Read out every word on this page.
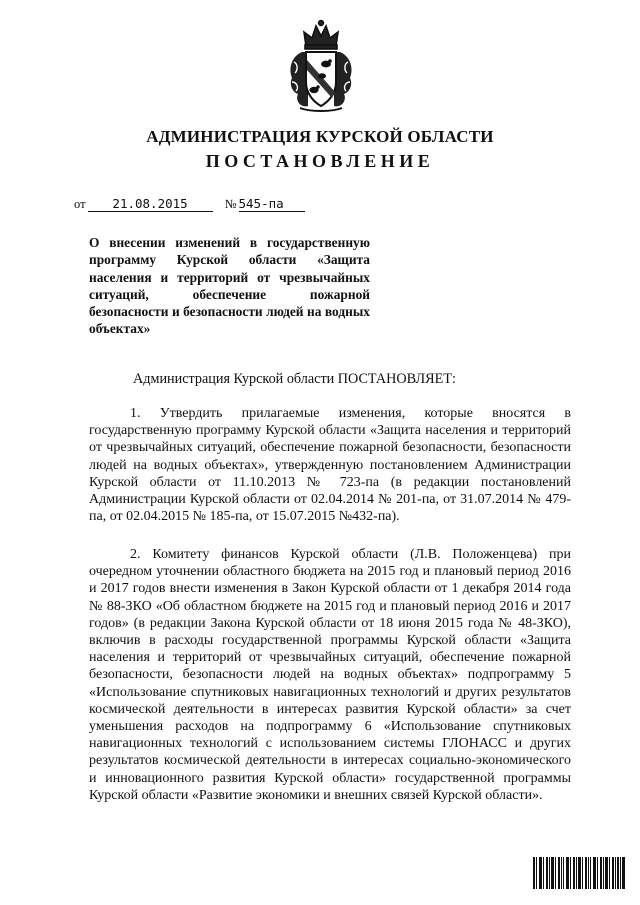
АДМИНИСТРАЦИЯ КУРСКОЙ ОБЛАСТИ
ПОСТАНОВЛЕНИЕ
от 21.08.2015	№ 545-па
О внесении изменений в государственную программу Курской области «Защита населения и территорий от чрезвычайных ситуаций, обеспечение пожарной безопасности и безопасности людей на водных объектах»
Администрация Курской области ПОСТАНОВЛЯЕТ:
1. Утвердить прилагаемые изменения, которые вносятся в государственную программу Курской области «Защита населения и территорий от чрезвычайных ситуаций, обеспечение пожарной безопасности, безопасности людей на водных объектах», утвержденную постановлением Администрации Курской области от 11.10.2013 № 723-па (в редакции постановлений Администрации Курской области от 02.04.2014 № 201-па, от 31.07.2014 № 479-па, от 02.04.2015 № 185-па, от 15.07.2015 №432-па).
2. Комитету финансов Курской области (Л.В. Положенцева) при очередном уточнении областного бюджета на 2015 год и плановый период 2016 и 2017 годов внести изменения в Закон Курской области от 1 декабря 2014 года № 88-ЗКО «Об областном бюджете на 2015 год и плановый период 2016 и 2017 годов» (в редакции Закона Курской области от 18 июня 2015 года № 48-ЗКО), включив в расходы государственной программы Курской области «Защита населения и территорий от чрезвычайных ситуаций, обеспечение пожарной безопасности, безопасности людей на водных объектах» подпрограмму 5 «Использование спутниковых навигационных технологий и других результатов космической деятельности в интересах развития Курской области» за счет уменьшения расходов на подпрограмму 6 «Использование спутниковых навигационных технологий с использованием системы ГЛОНАСС и других результатов космической деятельности в интересах социально-экономического и инновационного развития Курской области» государственной программы Курской области «Развитие экономики и внешних связей Курской области».
